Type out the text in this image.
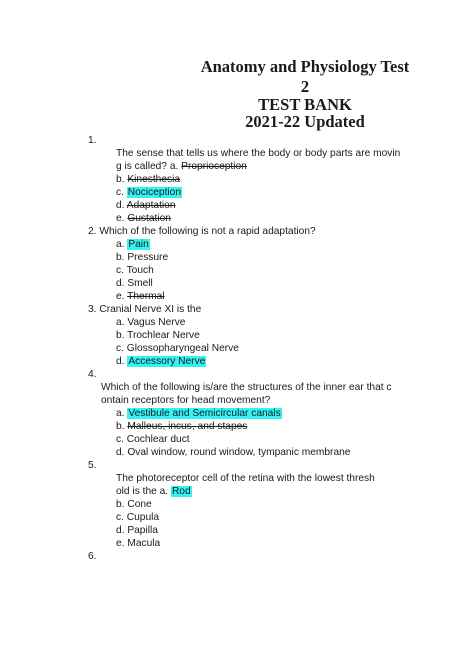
Anatomy and Physiology Test
2
TEST BANK
2021-22 Updated
1.
The sense that tells us where the body or body parts are movin
g is called? a. Proprioception
b. Kinesthesia
c. Nociception
d. Adaptation
e. Gustation
2. Which of the following is not a rapid adaptation?
a. Pain
b. Pressure
c. Touch
d. Smell
e. Thermal
3. Cranial Nerve XI is the
a. Vagus Nerve
b. Trochlear Nerve
c. Glossopharyngeal Nerve
d. Accessory Nerve
4.
Which of the following is/are the structures of the inner ear that c
ontain receptors for head movement?
a. Vestibule and Semicircular canals
b. Malleus, incus, and stapes
c. Cochlear duct
d. Oval window, round window, tympanic membrane
5.
The photoreceptor cell of the retina with the lowest thresh
old is the a. Rod
b. Cone
c. Cupula
d. Papilla
e. Macula
6.
